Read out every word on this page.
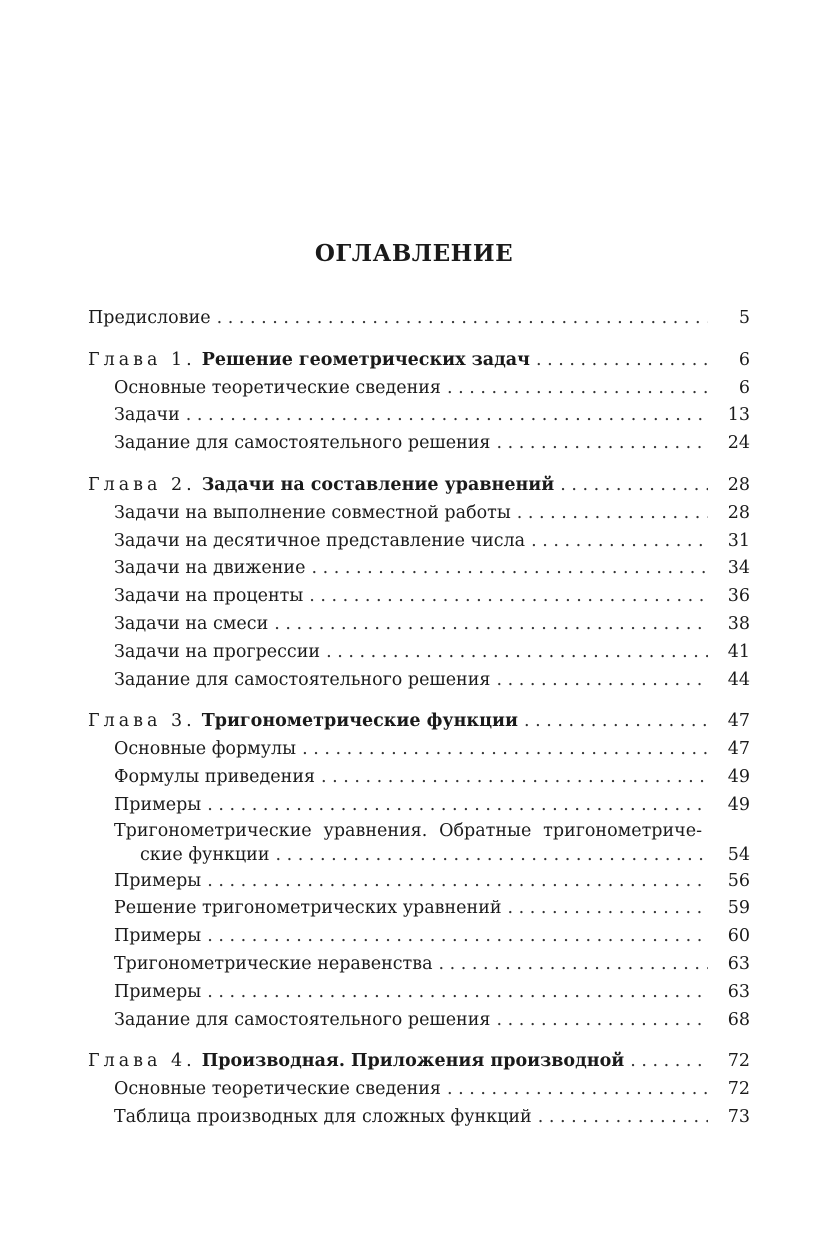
ОГЛАВЛЕНИЕ
Предисловие . . .	5
Глава 1. Решение геометрических задач . . .	6
Основные теоретические сведения . . .	6
Задачи . . .	13
Задание для самостоятельного решения . . .	24
Глава 2. Задачи на составление уравнений . . .	28
Задачи на выполнение совместной работы . . .	28
Задачи на десятичное представление числа . . .	31
Задачи на движение . . .	34
Задачи на проценты . . .	36
Задачи на смеси . . .	38
Задачи на прогрессии . . .	41
Задание для самостоятельного решения . . .	44
Глава 3. Тригонометрические функции . . .	47
Основные формулы . . .	47
Формулы приведения . . .	49
Примеры . . .	49
Тригонометрические уравнения. Обратные тригонометриче-
ские функции . . .	54
Примеры . . .	56
Решение тригонометрических уравнений . . .	59
Примеры . . .	60
Тригонометрические неравенства . . .	63
Примеры . . .	63
Задание для самостоятельного решения . . .	68
Глава 4. Производная. Приложения производной . . .	72
Основные теоретические сведения . . .	72
Таблица производных для сложных функций . . .	73
